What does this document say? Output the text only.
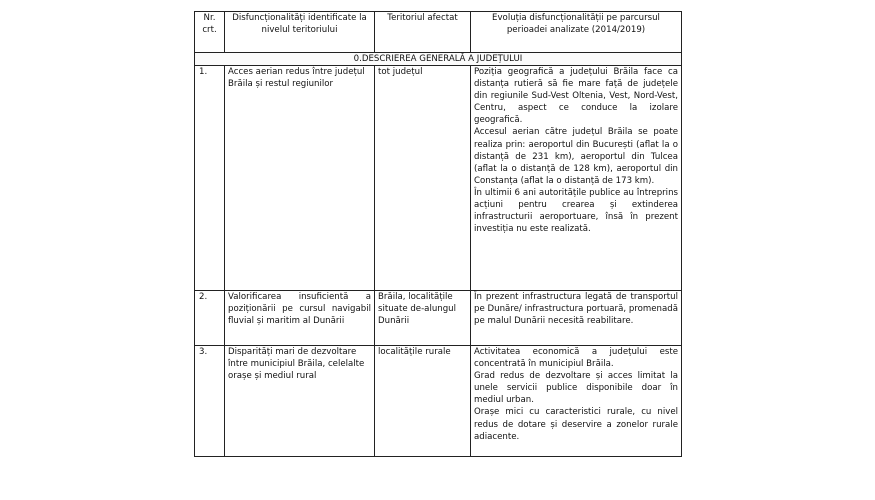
Nr. crt.	Disfuncționalități identificate la nivelul teritoriului	Teritoriul afectat	Evoluția disfuncționalității pe parcursul perioadei analizate (2014/2019)
0.DESCRIEREA GENERALĂ A JUDEȚULUI			
1.	Acces aerian redus între județul Brăila și restul regiunilor	tot județul	Poziția geografică a județului Brăila face ca distanța rutieră să fie mare față de județele din regiunile Sud-Vest Oltenia, Vest, Nord-Vest, Centru, aspect ce conduce la izolare geografică.

Accesul aerian către județul Brăila se poate realiza prin: aeroportul din București (aflat la o distanță de 231 km), aeroportul din Tulcea (aflat la o distanță de 128 km), aeroportul din Constanța (aflat la o distanță de 173 km).

În ultimii 6 ani autoritățile publice au întreprins acțiuni pentru crearea și extinderea infrastructurii aeroportuare, însă în prezent investiția nu este realizată.

2.	Valorificarea insuficientă a poziționării pe cursul navigabil fluvial și maritim al Dunării	Brăila, localitățile situate de-alungul Dunării	În prezent infrastructura legată de transportul pe Dunăre/ infrastructura portuară, promenadă pe malul Dunării necesită reabilitare.

3.	Disparități mari de dezvoltare între municipiul Brăila, celelalte orașe și mediul rural	localitățile rurale	Activitatea economică a județului este concentrată în municipiul Brăila.

Grad redus de dezvoltare și acces limitat la unele servicii publice disponibile doar în mediul urban.

Orașe mici cu caracteristici rurale, cu nivel redus de dotare și deservire a zonelor rurale adiacente.
